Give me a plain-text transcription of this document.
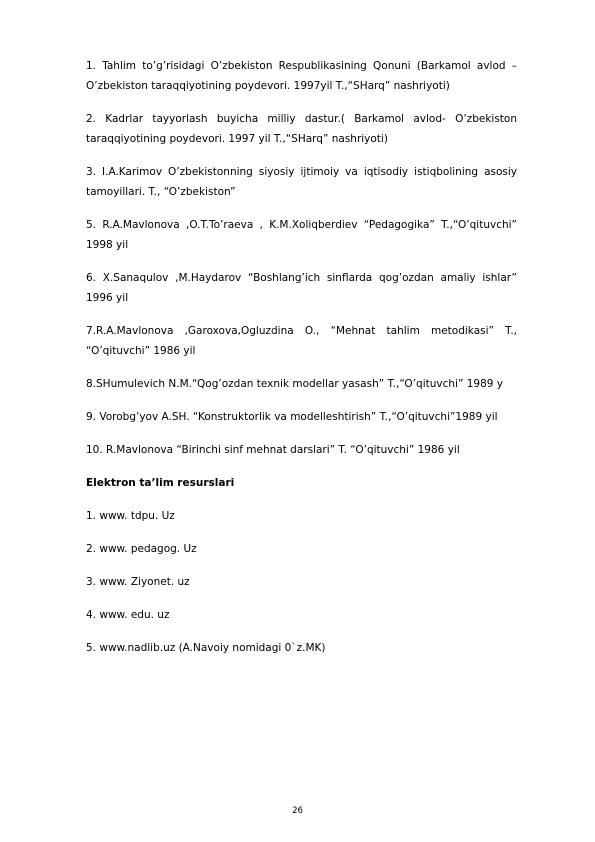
1. Tahlim to’g’risidagi O’zbekiston Respublikasining Qonuni (Barkamol avlod – O’zbekiston taraqqiyotining poydevori. 1997yil T.,“SHarq” nashriyoti)

2. Kadrlar tayyorlash buyicha milliy dastur.( Barkamol avlod- O’zbekiston taraqqiyotining poydevori. 1997 yil T.,“SHarq” nashriyoti)

3. I.A.Karimov O’zbekistonning siyosiy ijtimoiy va iqtisodiy istiqbolining asosiy tamoyillari. T., “O’zbekiston”

5. R.A.Mavlonova ,O.T.To’raeva , K.M.Xoliqberdiev “Pedagogika” T.,“O’qituvchi” 1998 yil

6. X.Sanaqulov ,M.Haydarov “Boshlang’ich sinflarda qog’ozdan amaliy ishlar” 1996 yil

7.R.A.Mavlonova ,Garoxova,Ogluzdina O., “Mehnat tahlim metodikasi” T., “O’qituvchi” 1986 yil

8.SHumulevich N.M.“Qog’ozdan texnik modellar yasash” T.,“O’qituvchi” 1989 y

9. Vorobg’yov A.SH. “Konstruktorlik va modelleshtirish” T.,“O’qituvchi”1989 yil

10. R.Mavlonova “Birinchi sinf mehnat darslari” T. “O’qituvchi” 1986 yil

Elektron ta’lim resurslari

1. www. tdpu. Uz

2. www. pedagog. Uz

3. www. Ziyonet. uz

4. www. edu. uz

5. www.nadlib.uz (A.Navoiy nomidagi 0`z.MK)

26
